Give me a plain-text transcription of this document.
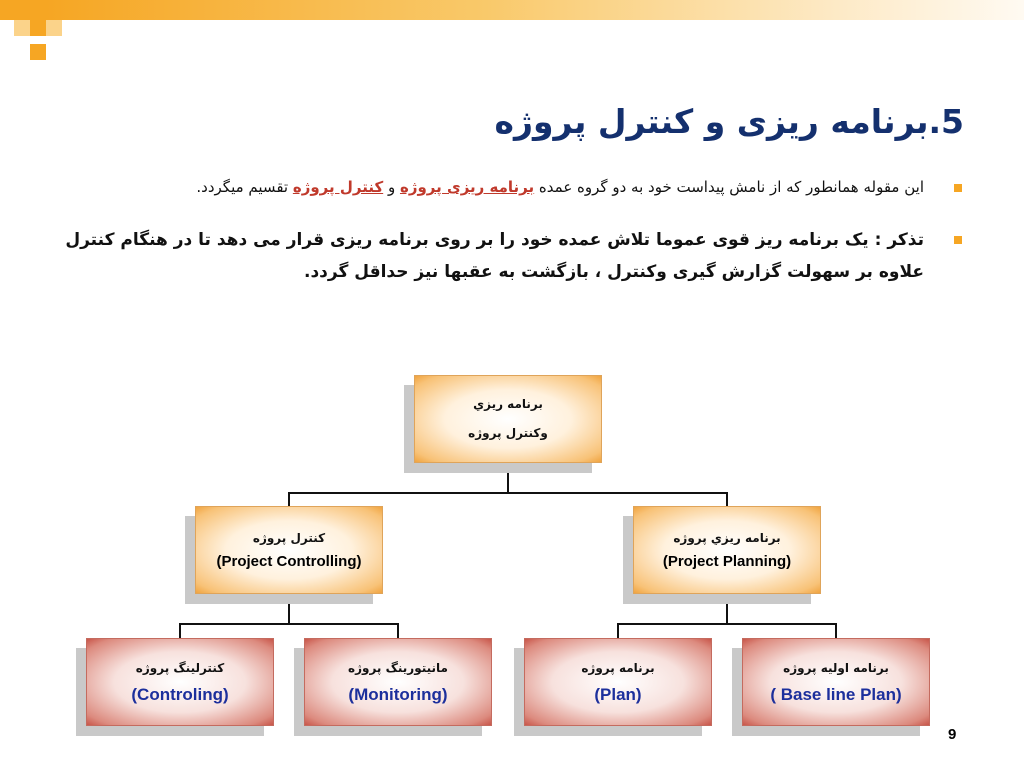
5.برنامه ریزی و کنترل پروژه
این مقوله همانطور که از نامش پیداست خود به دو گروه عمده برنامه ریزی پروژه و کنترل پروژه تقسیم میگردد.
تذکر : یک برنامه ریز قوی عموما تلاش عمده خود را بر روی برنامه ریزی قرار می دهد تا در هنگام کنترل علاوه بر سهولت گزارش گیری وکنترل ، بازگشت به عقبها نیز حداقل گردد.
برنامه ريزي وكنترل پروژه
كنترل پروژه
(Project Controlling)
برنامه ريزي پروژه
(Project Planning)
كنترلينگ پروژه
(Controling)
مانيتورينگ پروژه
(Monitoring)
برنامه پروژه
(Plan)
برنامه اوليه پروژه
( Base line Plan)
9
